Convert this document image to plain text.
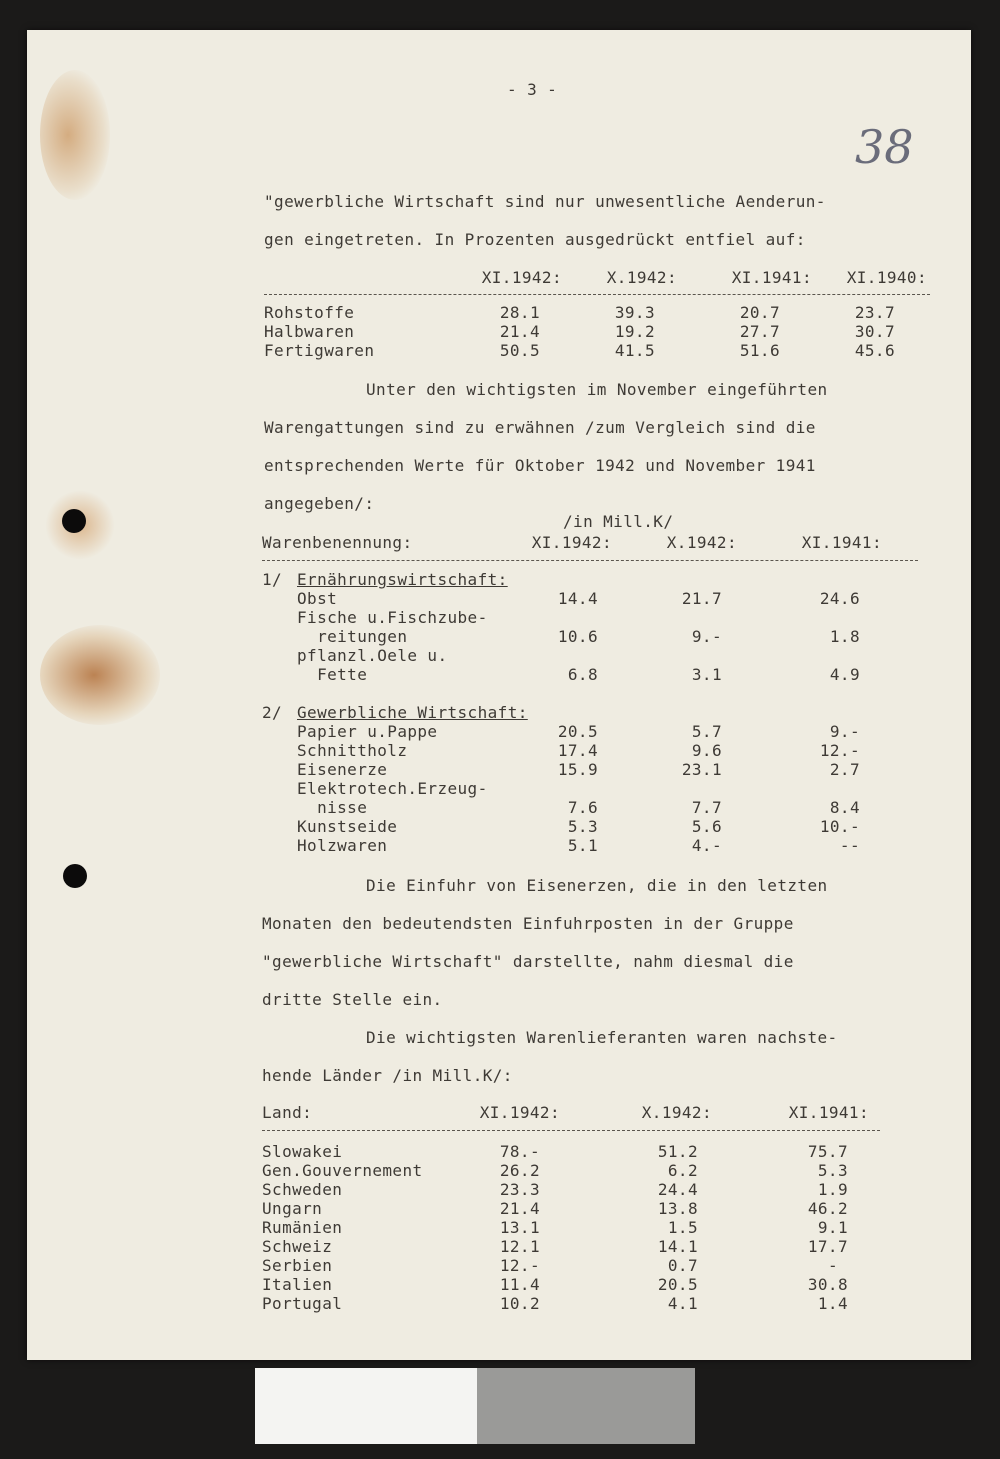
38
- 3 -
"gewerbliche Wirtschaft sind nur unwesentliche Aenderun-
gen eingetreten. In Prozenten ausgedrückt entfiel auf:
XI.1942:	X.1942:	XI.1941:	XI.1940:
Rohstoffe	28.1	39.3	20.7	23.7
Halbwaren	21.4	19.2	27.7	30.7
Fertigwaren	50.5	41.5	51.6	45.6
Unter den wichtigsten im November eingeführten
Warengattungen sind zu erwähnen /zum Vergleich sind die
entsprechenden Werte für Oktober 1942 und November 1941
angegeben/:
/in Mill.K/
Warenbenennung:	XI.1942:	X.1942:	XI.1941:
1/ Ernährungswirtschaft:
Obst	14.4	21.7	24.6
Fische u.Fischzube-
reitungen	10.6	9.-	1.8
pflanzl.Oele u.
Fette	6.8	3.1	4.9
2/ Gewerbliche Wirtschaft:
Papier u.Pappe	20.5	5.7	9.-
Schnittholz	17.4	9.6	12.-
Eisenerze	15.9	23.1	2.7
Elektrotech.Erzeug-
nisse	7.6	7.7	8.4
Kunstseide	5.3	5.6	10.-
Holzwaren	5.1	4.-	--
Die Einfuhr von Eisenerzen, die in den letzten
Monaten den bedeutendsten Einfuhrposten in der Gruppe
"gewerbliche Wirtschaft" darstellte, nahm diesmal die
dritte Stelle ein.
Die wichtigsten Warenlieferanten waren nachste-
hende Länder /in Mill.K/:
Land:	XI.1942:	X.1942:	XI.1941:
Slowakei	78.-	51.2	75.7
Gen.Gouvernement	26.2	6.2	5.3
Schweden	23.3	24.4	1.9
Ungarn	21.4	13.8	46.2
Rumänien	13.1	1.5	9.1
Schweiz	12.1	14.1	17.7
Serbien	12.-	0.7	-
Italien	11.4	20.5	30.8
Portugal	10.2	4.1	1.4
